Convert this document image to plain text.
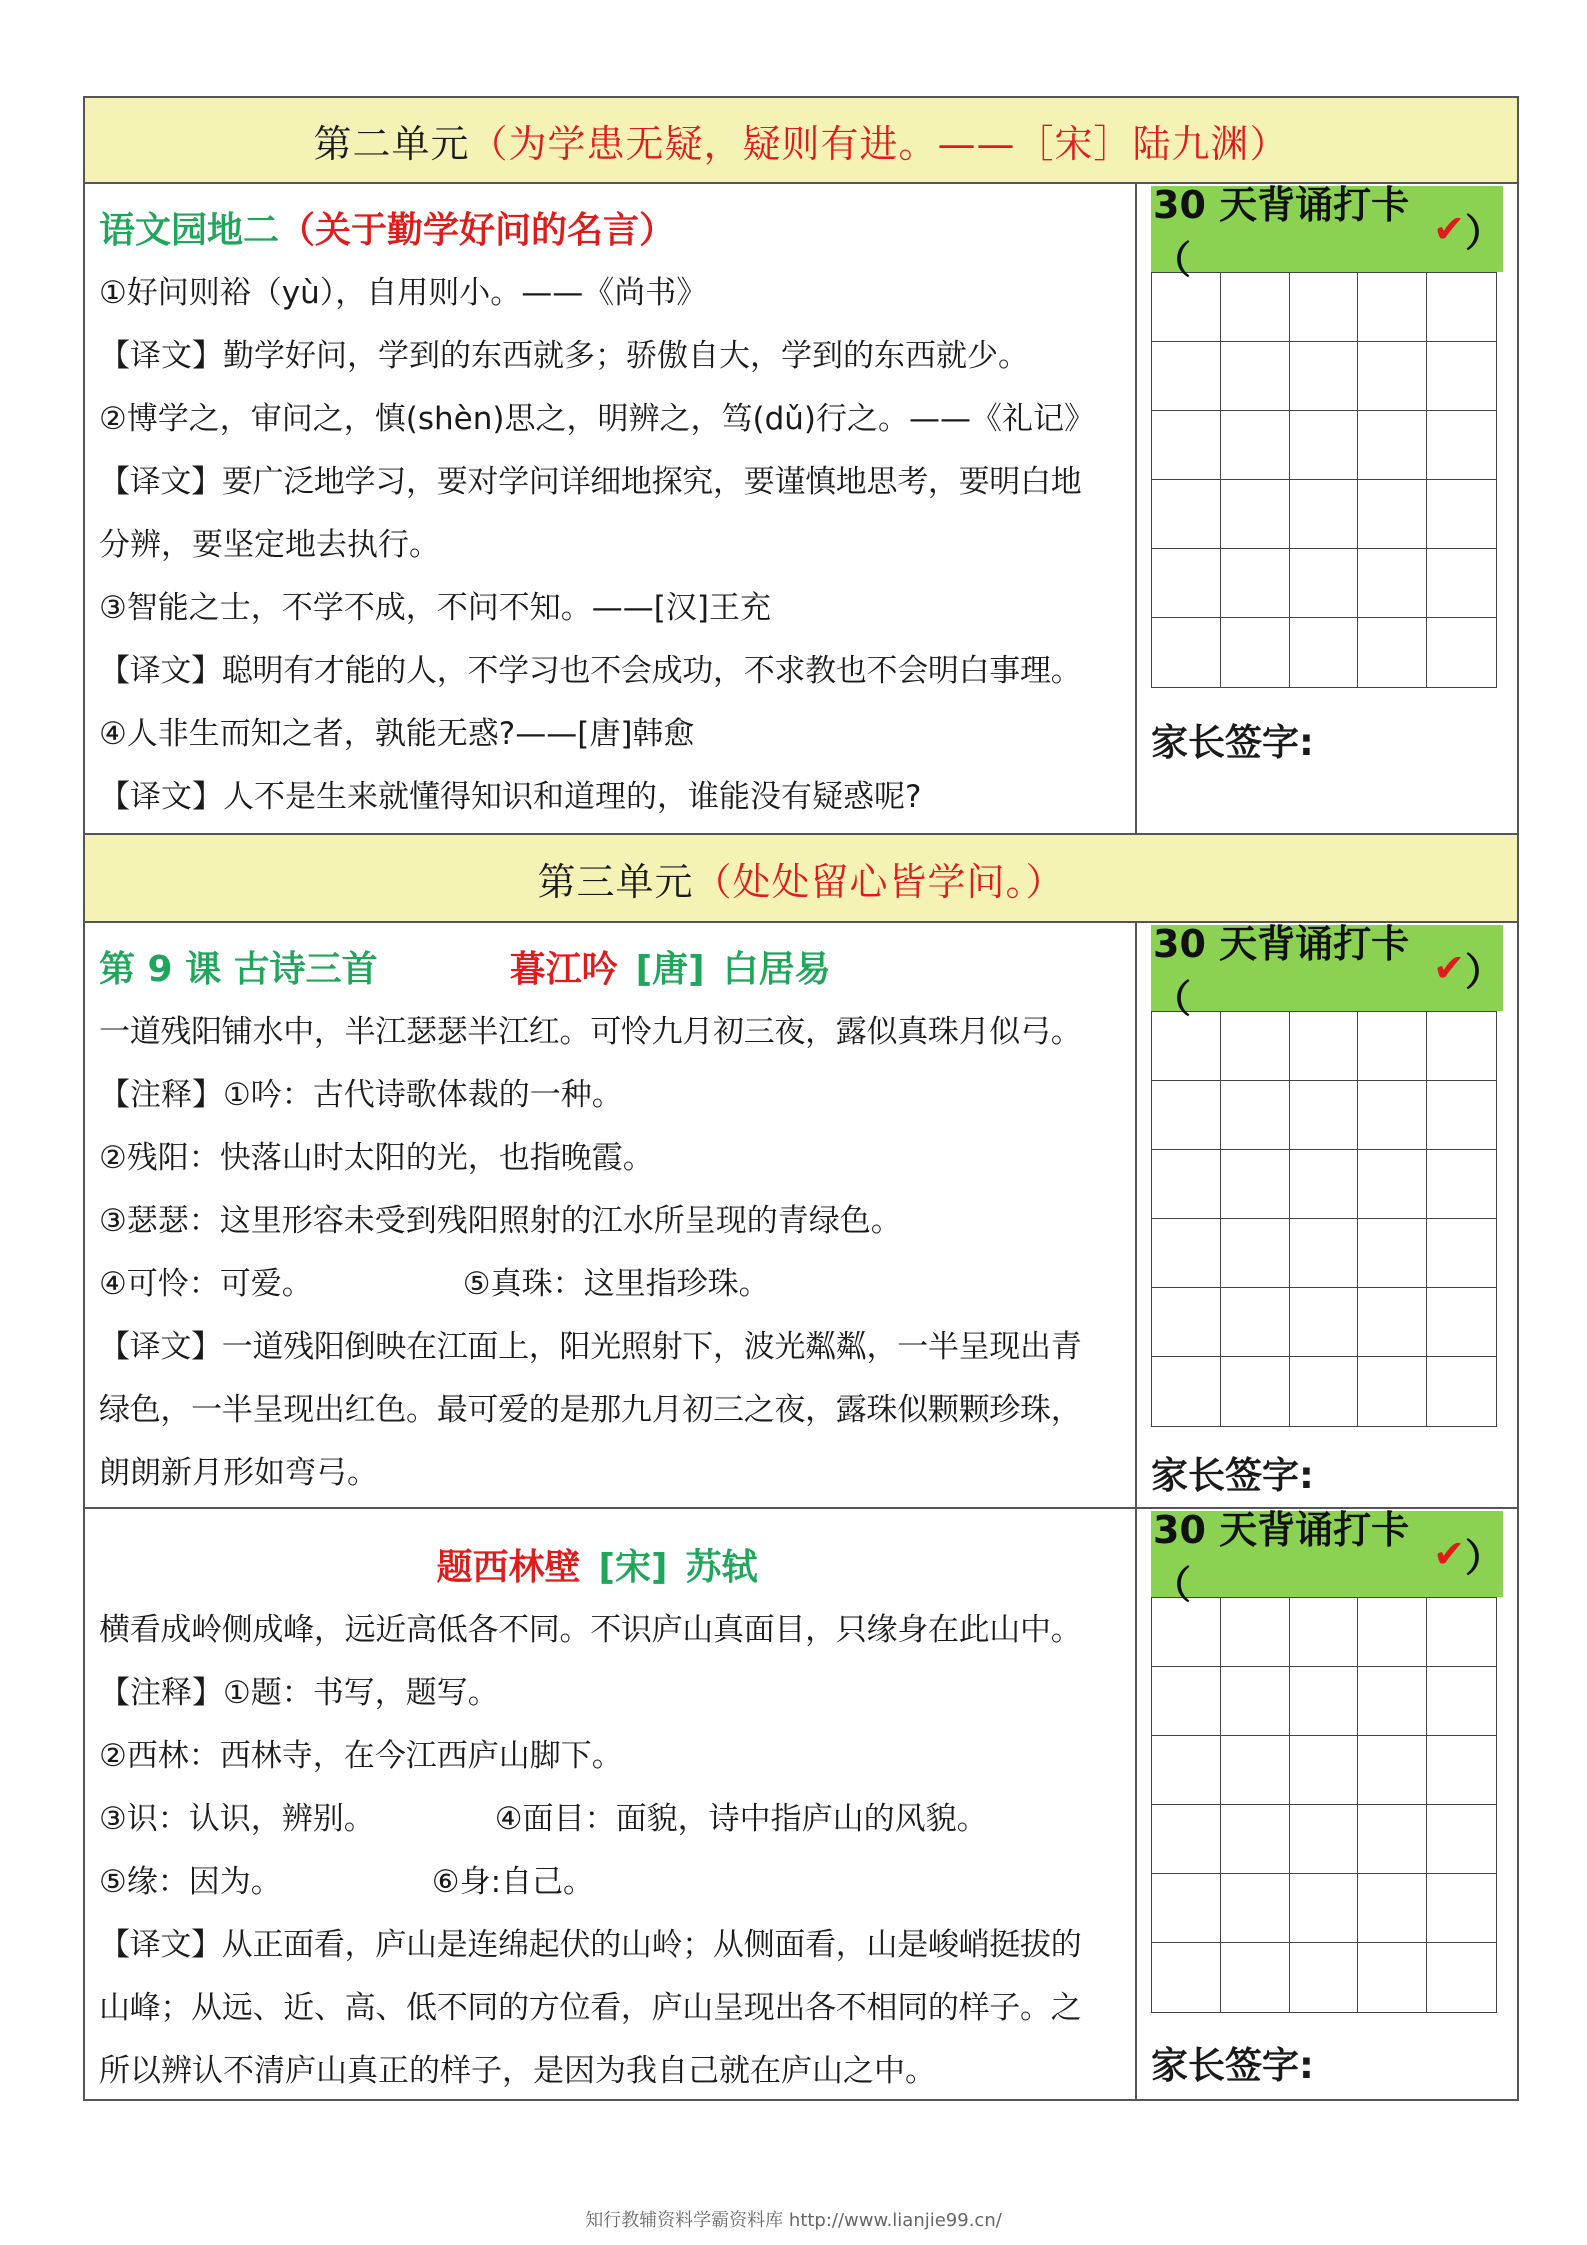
第二单元 （为学患无疑，疑则有进。——［宋］陆九渊）
语文园地二 （关于勤学好问的名言）
①好问则裕（yù），自用则小。——《尚书》
【译文】勤学好问，学到的东西就多；骄傲自大，学到的东西就少。
②博学之，审问之，慎(shèn)思之，明辨之，笃(dǔ)行之。——《礼记》
【译文】要广泛地学习，要对学问详细地探究，要谨慎地思考，要明白地
分辨，要坚定地去执行。
③智能之士，不学不成，不问不知。——[汉]王充
【译文】聪明有才能的人，不学习也不会成功，不求教也不会明白事理。
④人非生而知之者，孰能无惑?——[唐]韩愈
【译文】人不是生来就懂得知识和道理的，谁能没有疑惑呢?
30 天背诵打卡（
✔ ）
家长签字:
第三单元 （处处留心皆学问。）
第 9 课 古诗三首	暮江吟 [唐] 白居易
一道残阳铺水中，半江瑟瑟半江红。可怜九月初三夜，露似真珠月似弓。
【注释】①吟：古代诗歌体裁的一种。
②残阳：快落山时太阳的光，也指晚霞。
③瑟瑟：这里形容未受到残阳照射的江水所呈现的青绿色。
④可怜：可爱。	⑤真珠：这里指珍珠。
【译文】一道残阳倒映在江面上，阳光照射下，波光粼粼，一半呈现出青
绿色，一半呈现出红色。最可爱的是那九月初三之夜，露珠似颗颗珍珠，
朗朗新月形如弯弓。
30 天背诵打卡（
✔ ）
家长签字:
题西林壁 [宋] 苏轼
横看成岭侧成峰，远近高低各不同。不识庐山真面目，只缘身在此山中。
【注释】①题：书写，题写。
②西林：西林寺，在今江西庐山脚下。
③识：认识，辨别。	④面目：面貌，诗中指庐山的风貌。
⑤缘：因为。	⑥身:自己。
【译文】从正面看，庐山是连绵起伏的山岭；从侧面看，山是峻峭挺拔的
山峰；从远、近、高、低不同的方位看，庐山呈现出各不相同的样子。之
所以辨认不清庐山真正的样子，是因为我自己就在庐山之中。
30 天背诵打卡（
✔ ）
家长签字:
知行教辅资料学霸资料库 http://www.lianjie99.cn/
